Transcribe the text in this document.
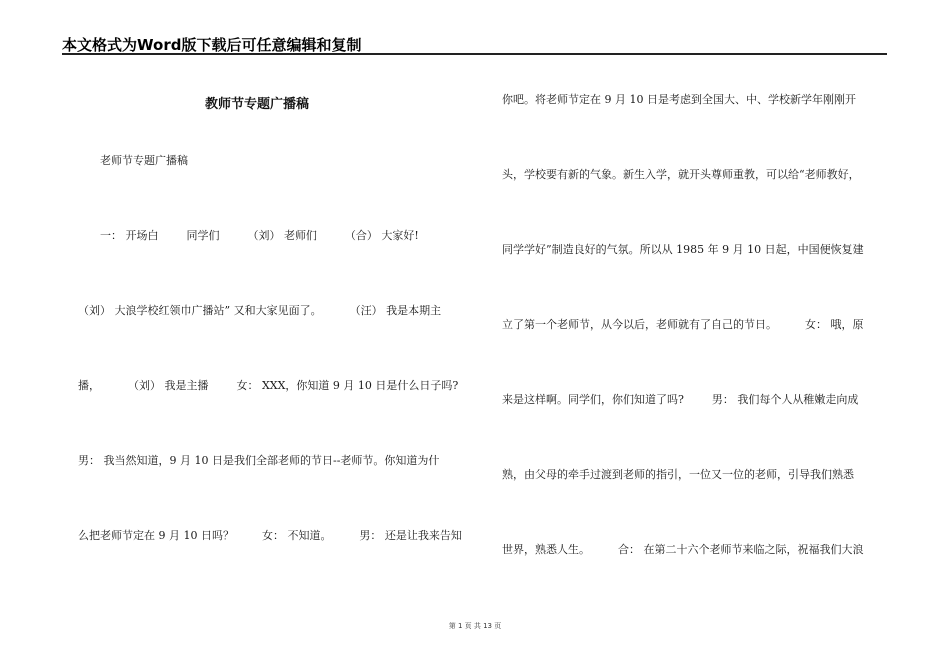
本文格式为Word版下载后可任意编辑和复制
教师节专题广播稿
老师节专题广播稿
一： 开场白        同学们        （刘） 老师们        （合） 大家好!
（刘） 大浪学校红领巾广播站” 又和大家见面了。        （汪） 我是本期主
播，        （刘） 我是主播        女： XXX，你知道 9 月 10 日是什么日子吗?
男： 我当然知道，9 月 10 日是我们全部老师的节日--老师节。你知道为什
么把老师节定在 9 月 10 日吗？        女： 不知道。        男： 还是让我来告知
你吧。将老师节定在 9 月 10 日是考虑到全国大、中、学校新学年刚刚开
头，学校要有新的气象。新生入学，就开头尊师重教，可以给“老师教好，
同学学好”制造良好的气氛。所以从 1985 年 9 月 10 日起，中国便恢复建
立了第一个老师节，从今以后，老师就有了自己的节日。        女： 哦，原
来是这样啊。同学们，你们知道了吗?        男： 我们每个人从稚嫩走向成
熟，由父母的牵手过渡到老师的指引，一位又一位的老师，引导我们熟悉
世界，熟悉人生。        合： 在第二十六个老师节来临之际，祝福我们大浪
第 1 页 共 13 页
